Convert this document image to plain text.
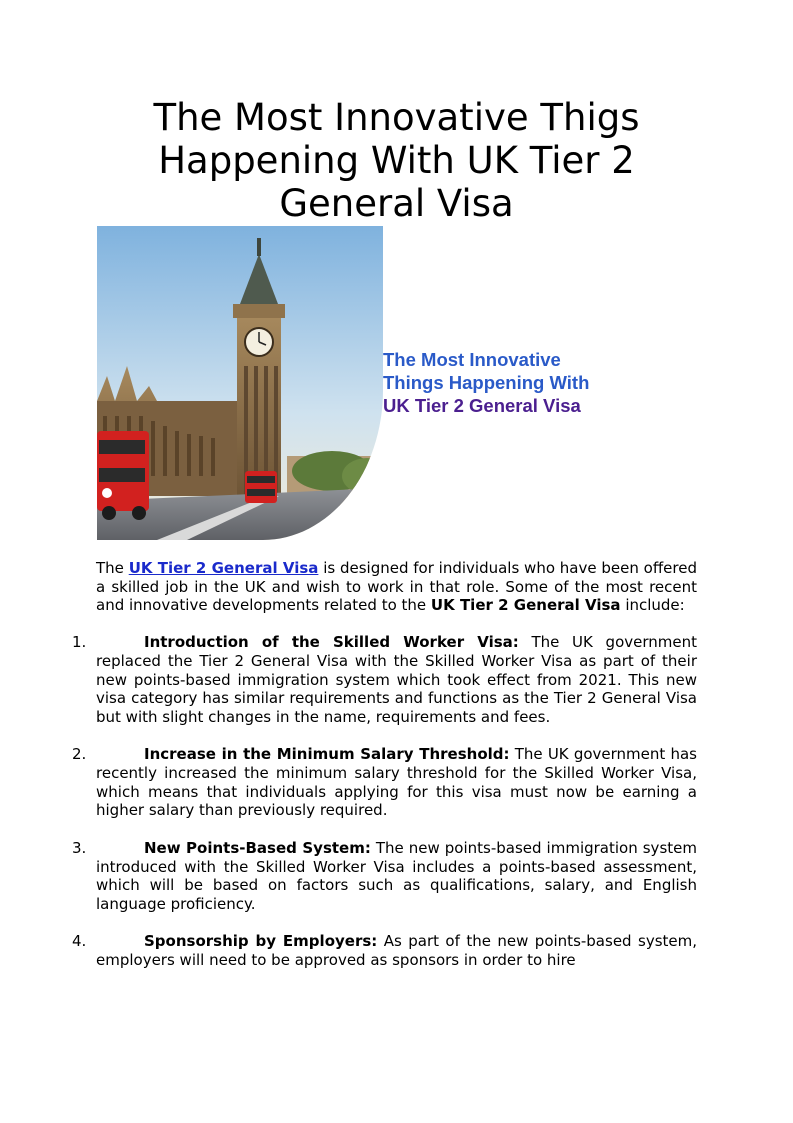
The Most Innovative Thigs Happening With UK Tier 2 General Visa
The Most Innovative
Things Happening With
UK Tier 2 General Visa

The UK Tier 2 General Visa is designed for individuals who have been offered a skilled job in the UK and wish to work in that role. Some of the most recent and innovative developments related to the UK Tier 2 General Visa include:

1.	Introduction of the Skilled Worker Visa: The UK government replaced the Tier 2 General Visa with the Skilled Worker Visa as part of their new points-based immigration system which took effect from 2021. This new visa category has similar requirements and functions as the Tier 2 General Visa but with slight changes in the name, requirements and fees.
2.	Increase in the Minimum Salary Threshold: The UK government has recently increased the minimum salary threshold for the Skilled Worker Visa, which means that individuals applying for this visa must now be earning a higher salary than previously required.
3.	New Points-Based System: The new points-based immigration system introduced with the Skilled Worker Visa includes a points-based assessment, which will be based on factors such as qualifications, salary, and English language proficiency.
4.	Sponsorship by Employers: As part of the new points-based system, employers will need to be approved as sponsors in order to hire
